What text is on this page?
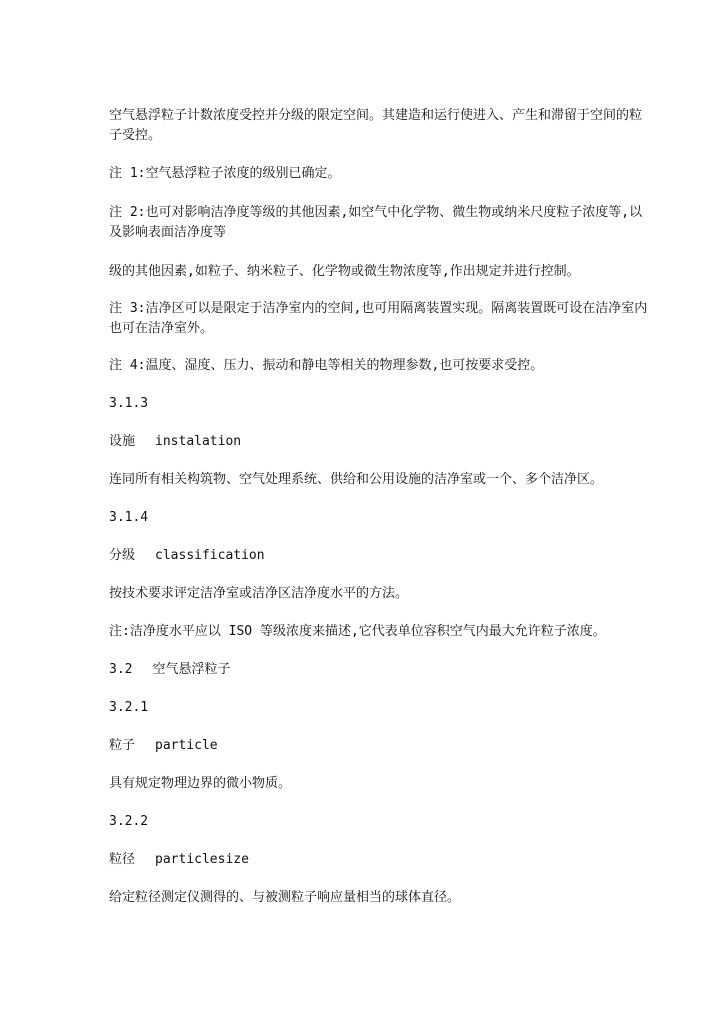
空气悬浮粒子计数浓度受控并分级的限定空间。其建造和运行使进入、产生和滞留于空间的粒子受控。
注 1:空气悬浮粒子浓度的级别已确定。
注 2:也可对影响洁净度等级的其他因素,如空气中化学物、微生物或纳米尺度粒子浓度等,以及影响表面洁净度等
级的其他因素,如粒子、纳米粒子、化学物或微生物浓度等,作出规定并进行控制。
注 3:洁净区可以是限定于洁净室内的空间,也可用隔离装置实现。隔离装置既可设在洁净室内也可在洁净室外。
注 4:温度、湿度、压力、振动和静电等相关的物理参数,也可按要求受控。
3.1.3
设施 instalation
连同所有相关构筑物、空气处理系统、供给和公用设施的洁净室或一个、多个洁净区。
3.1.4
分级 classification
按技术要求评定洁净室或洁净区洁净度水平的方法。
注:洁净度水平应以 ISO 等级浓度来描述,它代表单位容积空气内最大允许粒子浓度。
3.2 空气悬浮粒子
3.2.1
粒子 particle
具有规定物理边界的微小物质。
3.2.2
粒径 particlesize
给定粒径测定仪测得的、与被测粒子响应量相当的球体直径。
